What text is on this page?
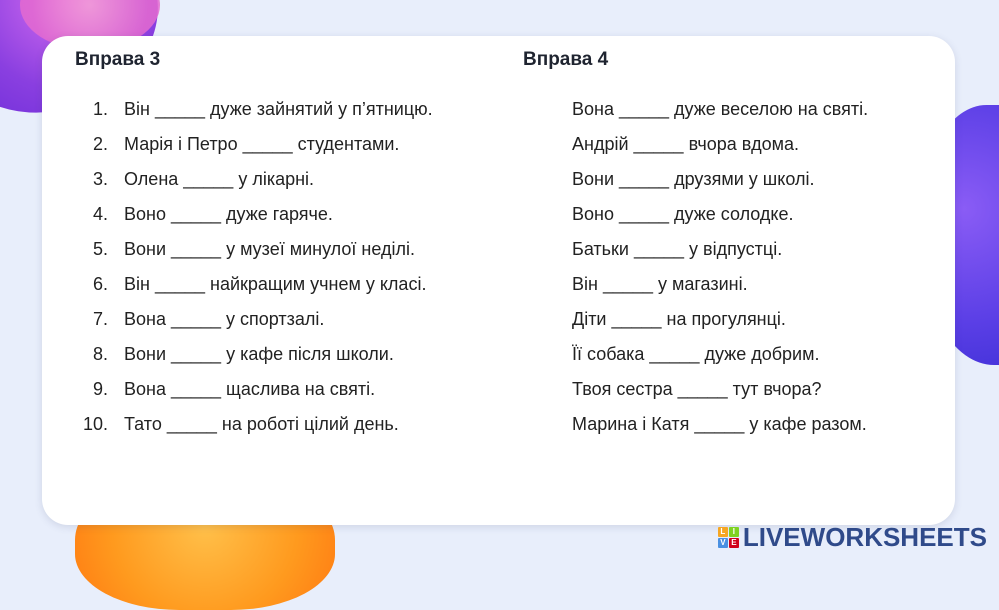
Вправа 3
Він _____ дуже зайнятий у п’ятницю.
Марія і Петро _____ студентами.
Олена _____ у лікарні.
Воно _____ дуже гаряче.
Вони _____ у музеї минулої неділі.
Він _____ найкращим учнем у класі.
Вона _____ у спортзалі.
Вони _____ у кафе після школи.
Вона _____ щаслива на святі.
Тато _____ на роботі цілий день.
Вправа 4
1.	Вона _____ дуже веселою на святі.
2.	Андрій _____ вчора вдома.
3.	Вони _____ друзями у школі.
4.	Воно _____ дуже солодке.
5.	Батьки _____ у відпустці.
6.	Він _____ у магазині.
7.	Діти _____ на прогулянці.
8.	Її собака _____ дуже добрим.
9.	Твоя сестра _____ тут вчора?
10.	Марина і Катя _____ у кафе разом.
L I
V E LIVEWORKSHEETS
